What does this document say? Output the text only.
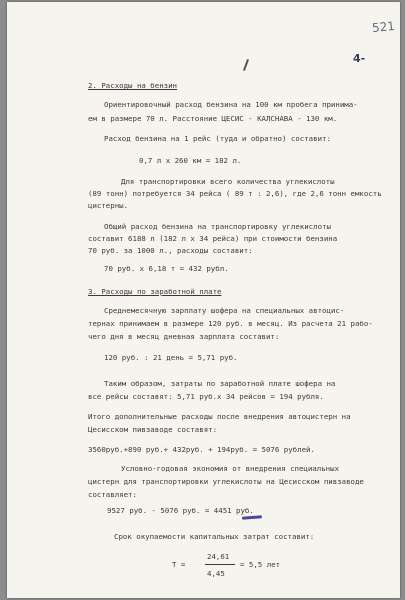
521
4-
2. Расходы на бензин
Ориентировочный расход бензина на 100 км пробега принима-
ем в размере 70 л. Расстояние ЦЕСИС - КАЛСНАВА - 130 км.
Расход бензина на 1 рейс (туда и обратно) составит:
0,7 л х 260 км = 182 л.
Для транспортировки всего количества углекислоты
(89 тонн) потребуется 34 рейса ( 89 т : 2,6), где 2,6 тонн емкость
цистерны.
Общий расход бензина на транспортировку углекислоты
составит 6188 л (182 л х 34 рейса) при стоимости бензина
70 руб. за 1000 л., расходы составит:
70 руб. х 6,18 т = 432 рубл.
3. Расходы по заработной плате
Среднемесячную зарплату шофера на специальных автоцис-
тернах принимаем в размере 120 руб. в месяц. Из расчета 21 рабо-
чего дня в месяц дневная зарплата составит:
120 руб. : 21 день = 5,71 руб.
Таким образом, затраты по заработной плате шофера на
все рейсы составят: 5,71 руб.х 34 рейсов = 194 рубля.
Итого дополнительные расходы после внедрения автоцистерн на
Цесисском пивзаводе составят:
3560руб.+890 руб.+ 432руб. + 194руб. = 5076 рублей.
Условно-годовая экономия от внедрения специальных
цистерн для транспортировки углекислоты на Цесисском пивзаводе
составляет:
9527 руб. - 5076 руб. = 4451 руб.
Срок окупаемости капитальных затрат составит:
Т =
24,61
4,45
= 5,5 лет
